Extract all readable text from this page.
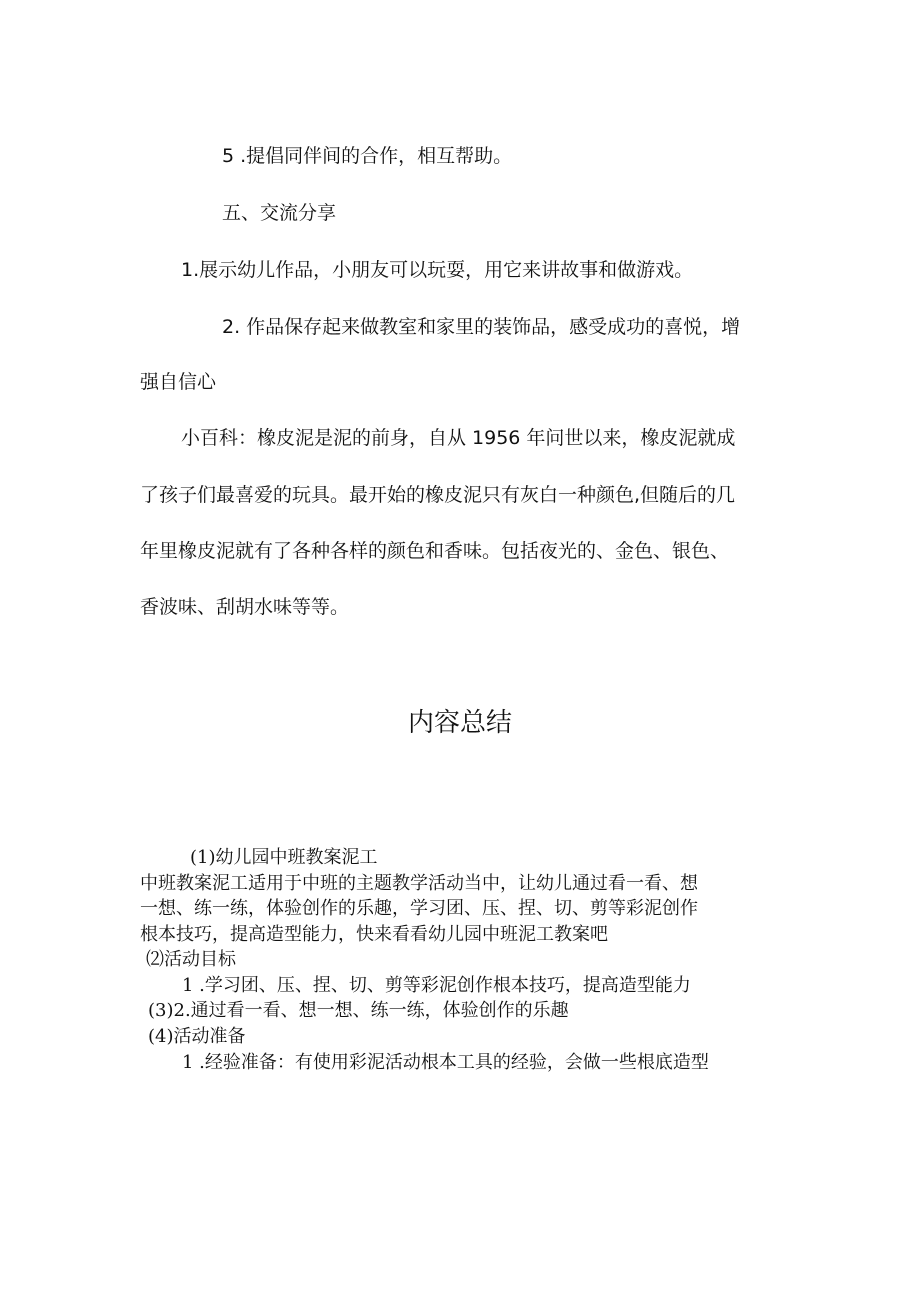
5 .提倡同伴间的合作，相互帮助。
五、交流分享
1.展示幼儿作品，小朋友可以玩耍，用它来讲故事和做游戏。
2. 作品保存起来做教室和家里的装饰品，感受成功的喜悦，增
强自信心
小百科：橡皮泥是泥的前身，自从 1956 年问世以来，橡皮泥就成
了孩子们最喜爱的玩具。最开始的橡皮泥只有灰白一种颜色,但随后的几
年里橡皮泥就有了各种各样的颜色和香味。包括夜光的、金色、银色、
香波味、刮胡水味等等。
内容总结
(1)幼儿园中班教案泥工
中班教案泥工适用于中班的主题教学活动当中，让幼儿通过看一看、想
一想、练一练，体验创作的乐趣，学习团、压、捏、切、剪等彩泥创作
根本技巧，提高造型能力，快来看看幼儿园中班泥工教案吧
⑵活动目标
1 .学习团、压、捏、切、剪等彩泥创作根本技巧，提高造型能力
(3)2.通过看一看、想一想、练一练，体验创作的乐趣
(4)活动准备
1 .经验准备：有使用彩泥活动根本工具的经验，会做一些根底造型
